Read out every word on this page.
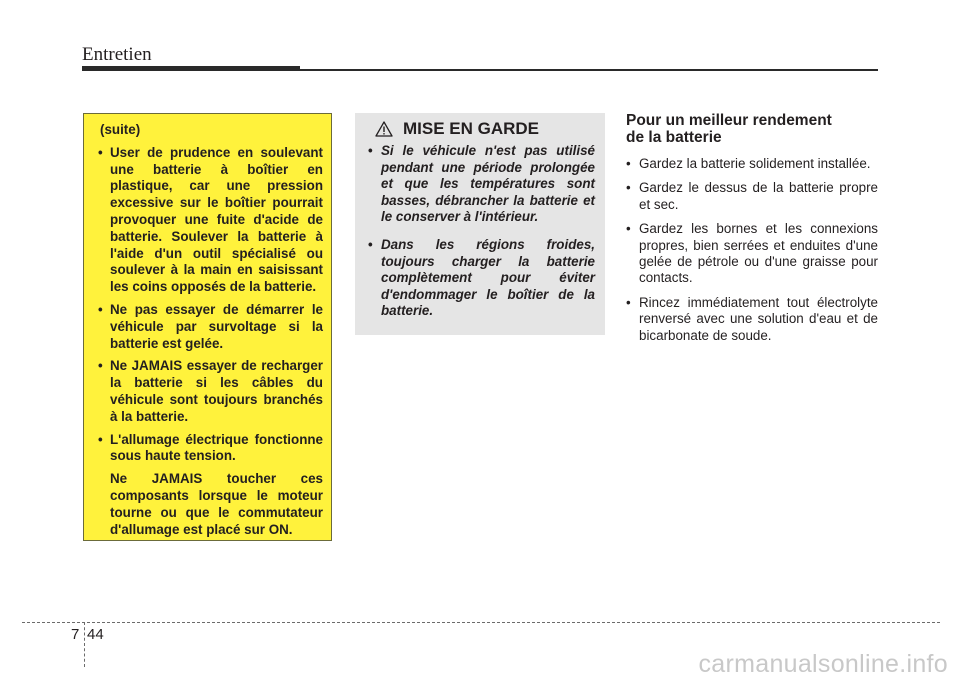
Entretien
(suite)
• User de prudence en soulevant une batterie à boîtier en plastique, car une pression excessive sur le boîtier pourrait provoquer une fuite d'acide de batterie. Soulever la batterie à l'aide d'un outil spécialisé ou soulever à la main en saisissant les coins opposés de la batterie.
• Ne pas essayer de démarrer le véhicule par survoltage si la batterie est gelée.
• Ne JAMAIS essayer de recharger la batterie si les câbles du véhicule sont toujours branchés à la batterie.
• L'allumage électrique fonctionne sous haute tension.
Ne JAMAIS toucher ces composants lorsque le moteur tourne ou que le commutateur d'allumage est placé sur ON.
MISE EN GARDE
• Si le véhicule n'est pas utilisé pendant une période prolongée et que les températures sont basses, débrancher la batterie et le conserver à l'intérieur.
• Dans les régions froides, toujours charger la batterie complètement pour éviter d'endommager le boîtier de la batterie.
Pour un meilleur rendement
de la batterie
• Gardez la batterie solidement installée.
• Gardez le dessus de la batterie propre et sec.
• Gardez les bornes et les connexions propres, bien serrées et enduites d'une gelée de pétrole ou d'une graisse pour contacts.
• Rincez immédiatement tout électrolyte renversé avec une solution d'eau et de bicarbonate de soude.
7 44
carmanualsonline.info
